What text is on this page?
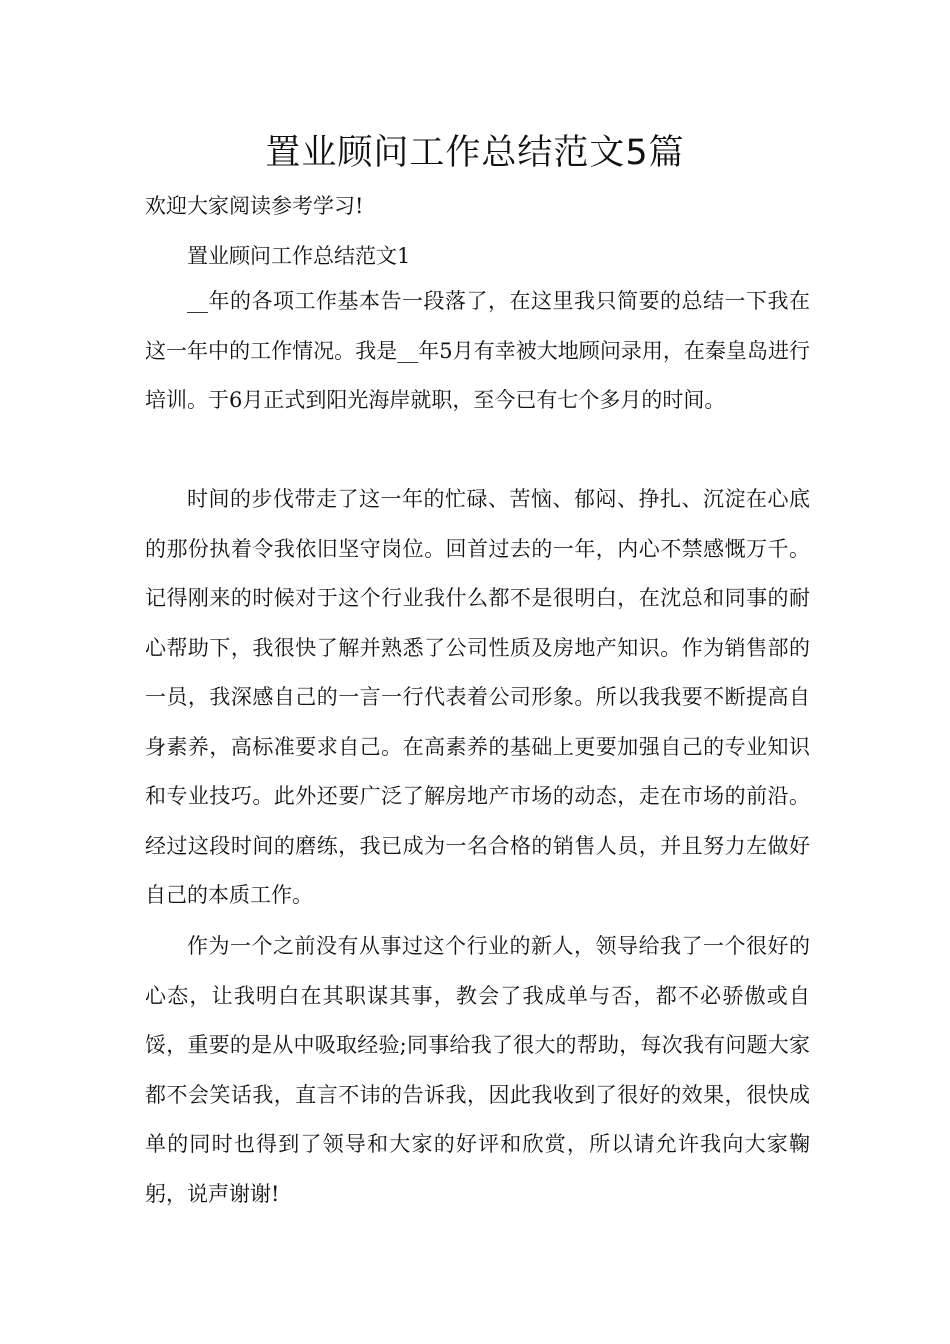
置业顾问工作总结范文5篇

欢迎大家阅读参考学习!

置业顾问工作总结范文1

__年的各项工作基本告一段落了，在这里我只简要的总结一下我在这一年中的工作情况。我是__年5月有幸被大地顾问录用，在秦皇岛进行培训。于6月正式到阳光海岸就职，至今已有七个多月的时间。

时间的步伐带走了这一年的忙碌、苦恼、郁闷、挣扎、沉淀在心底的那份执着令我依旧坚守岗位。回首过去的一年，内心不禁感慨万千。记得刚来的时候对于这个行业我什么都不是很明白，在沈总和同事的耐心帮助下，我很快了解并熟悉了公司性质及房地产知识。作为销售部的一员，我深感自己的一言一行代表着公司形象。所以我我要不断提高自身素养，高标准要求自己。在高素养的基础上更要加强自己的专业知识和专业技巧。此外还要广泛了解房地产市场的动态，走在市场的前沿。经过这段时间的磨练，我已成为一名合格的销售人员，并且努力左做好自己的本质工作。

作为一个之前没有从事过这个行业的新人，领导给我了一个很好的心态，让我明白在其职谋其事，教会了我成单与否，都不必骄傲或自馁，重要的是从中吸取经验;同事给我了很大的帮助，每次我有问题大家都不会笑话我，直言不讳的告诉我，因此我收到了很好的效果，很快成单的同时也得到了领导和大家的好评和欣赏，所以请允许我向大家鞠躬，说声谢谢!
